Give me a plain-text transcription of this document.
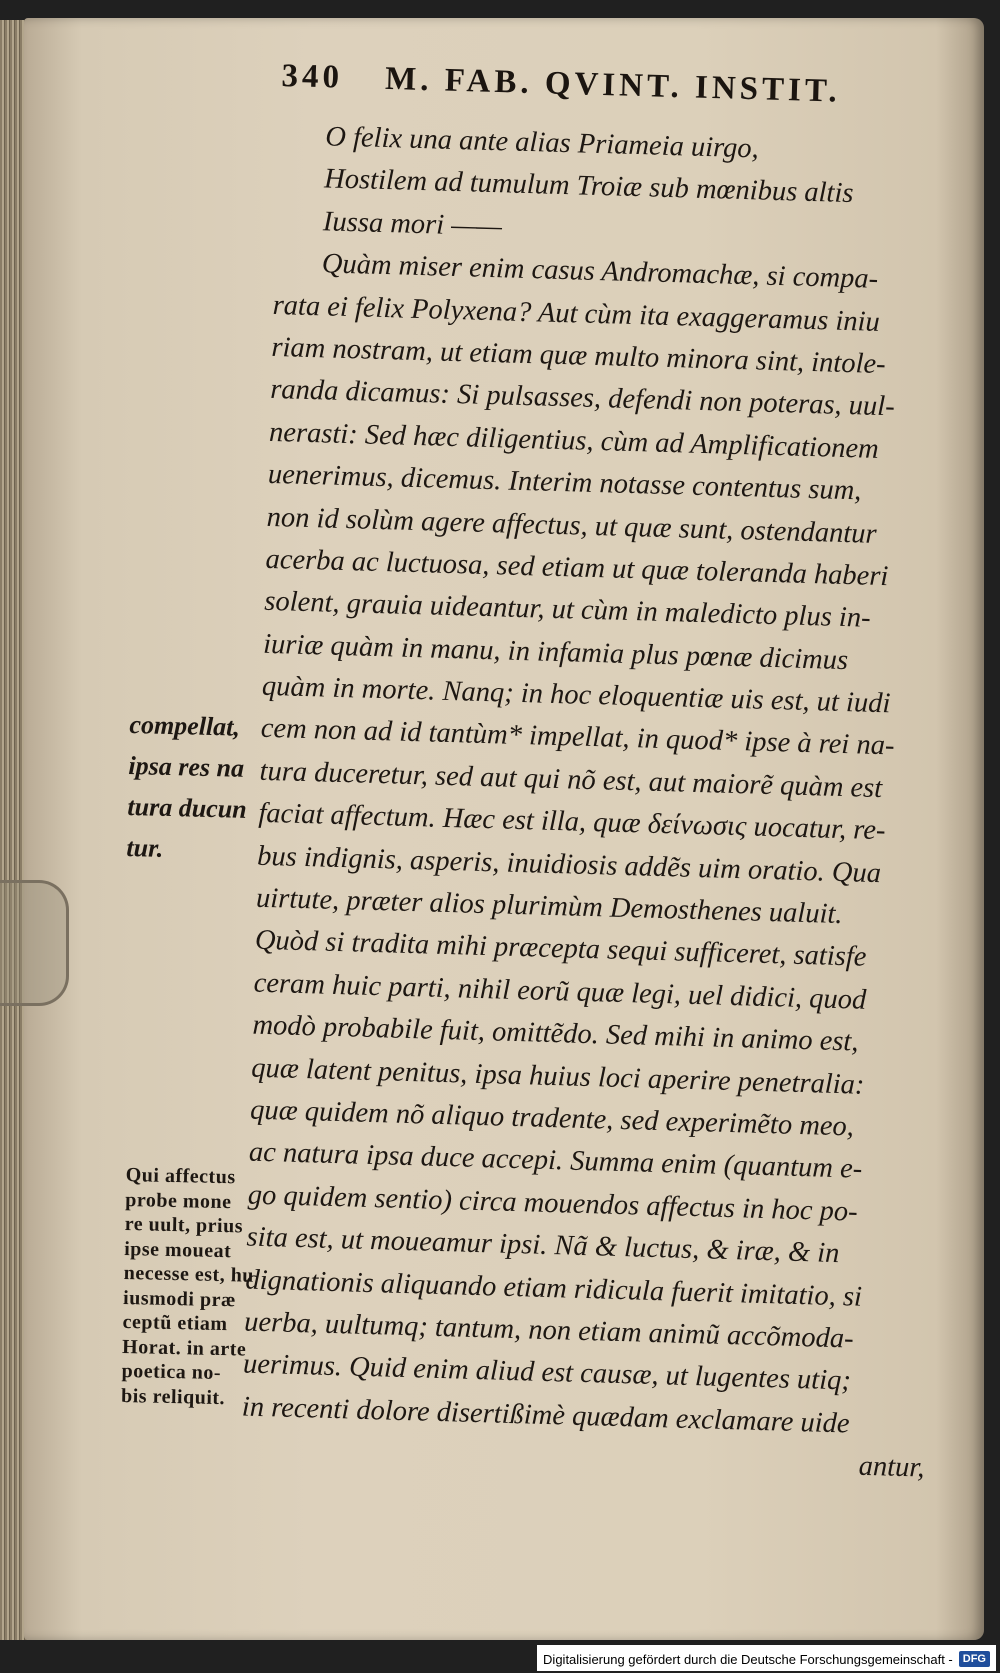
340 M. FAB. QVINT. INSTIT.
O felix una ante alias Priameia uirgo,
Hostilem ad tumulum Troiæ sub mœnibus altis
Iussa mori ——
Quàm miser enim casus Andromachæ, si compa-
rata ei felix Polyxena? Aut cùm ita exaggeramus iniu
riam nostram, ut etiam quæ multo minora sint, intole-
randa dicamus: Si pulsasses, defendi non poteras, uul-
nerasti: Sed hæc diligentius, cùm ad Amplificationem
uenerimus, dicemus. Interim notasse contentus sum,
non id solùm agere affectus, ut quæ sunt, ostendantur
acerba ac luctuosa, sed etiam ut quæ toleranda haberi
solent, grauia uideantur, ut cùm in maledicto plus in-
iuriæ quàm in manu, in infamia plus pœnæ dicimus
quàm in morte. Nanq; in hoc eloquentiæ uis est, ut iudi
cem non ad id tantùm* impellat, in quod* ipse à rei na-
tura duceretur, sed aut qui nõ est, aut maiorẽ quàm est
faciat affectum. Hæc est illa, quæ δείνωσις uocatur, re-
bus indignis, asperis, inuidiosis addẽs uim oratio. Qua
uirtute, præter alios plurimùm Demosthenes ualuit.
Quòd si tradita mihi præcepta sequi sufficeret, satisfe
ceram huic parti, nihil eorũ quæ legi, uel didici, quod
modò probabile fuit, omittẽdo. Sed mihi in animo est,
quæ latent penitus, ipsa huius loci aperire penetralia:
quæ quidem nõ aliquo tradente, sed experimẽto meo,
ac natura ipsa duce accepi. Summa enim (quantum e-
go quidem sentio) circa mouendos affectus in hoc po-
sita est, ut moueamur ipsi. Nã & luctus, & iræ, & in
dignationis aliquando etiam ridicula fuerit imitatio, si
uerba, uultumq; tantum, non etiam animũ accõmoda-
uerimus. Quid enim aliud est causæ, ut lugentes utiq;
in recenti dolore disertißimè quædam exclamare uide
antur,
compellat,
ipsa res na
tura ducun
tur.
Qui affectus
probe mone
re uult, prius
ipse moueat
necesse est, hu
iusmodi præ
ceptũ etiam
Horat. in arte
poetica no-
bis reliquit.
Digitalisierung gefördert durch die Deutsche Forschungsgemeinschaft - DFG
